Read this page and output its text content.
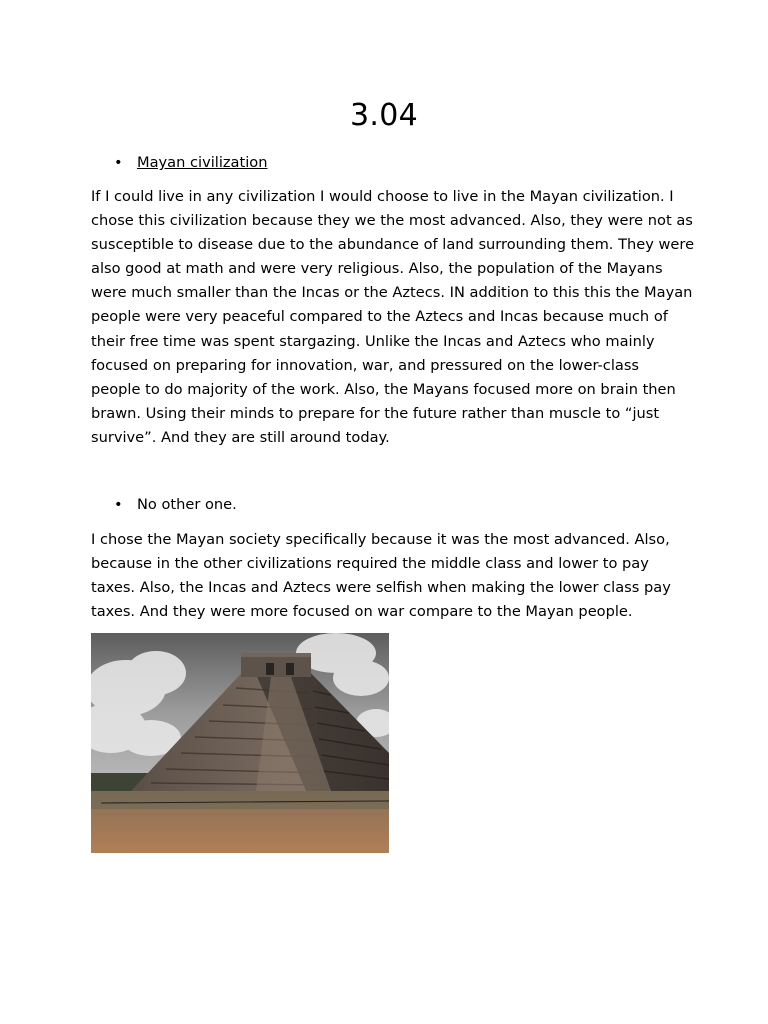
3.04
• Mayan civilization
If I could live in any civilization I would choose to live in the Mayan civilization. I
chose this civilization because they we the most advanced. Also, they were not as
susceptible to disease due to the abundance of land surrounding them. They were
also good at math and were very religious. Also, the population of the Mayans
were much smaller than the Incas or the Aztecs. IN addition to this this the Mayan
people were very peaceful compared to the Aztecs and Incas because much of
their free time was spent stargazing. Unlike the Incas and Aztecs who mainly
focused on preparing for innovation, war, and pressured on the lower-class
people to do majority of the work. Also, the Mayans focused more on brain then
brawn. Using their minds to prepare for the future rather than muscle to “just
survive”. And they are still around today.
• No other one.
I chose the Mayan society specifically because it was the most advanced. Also,
because in the other civilizations required the middle class and lower to pay
taxes. Also, the Incas and Aztecs were selfish when making the lower class pay
taxes. And they were more focused on war compare to the Mayan people.
